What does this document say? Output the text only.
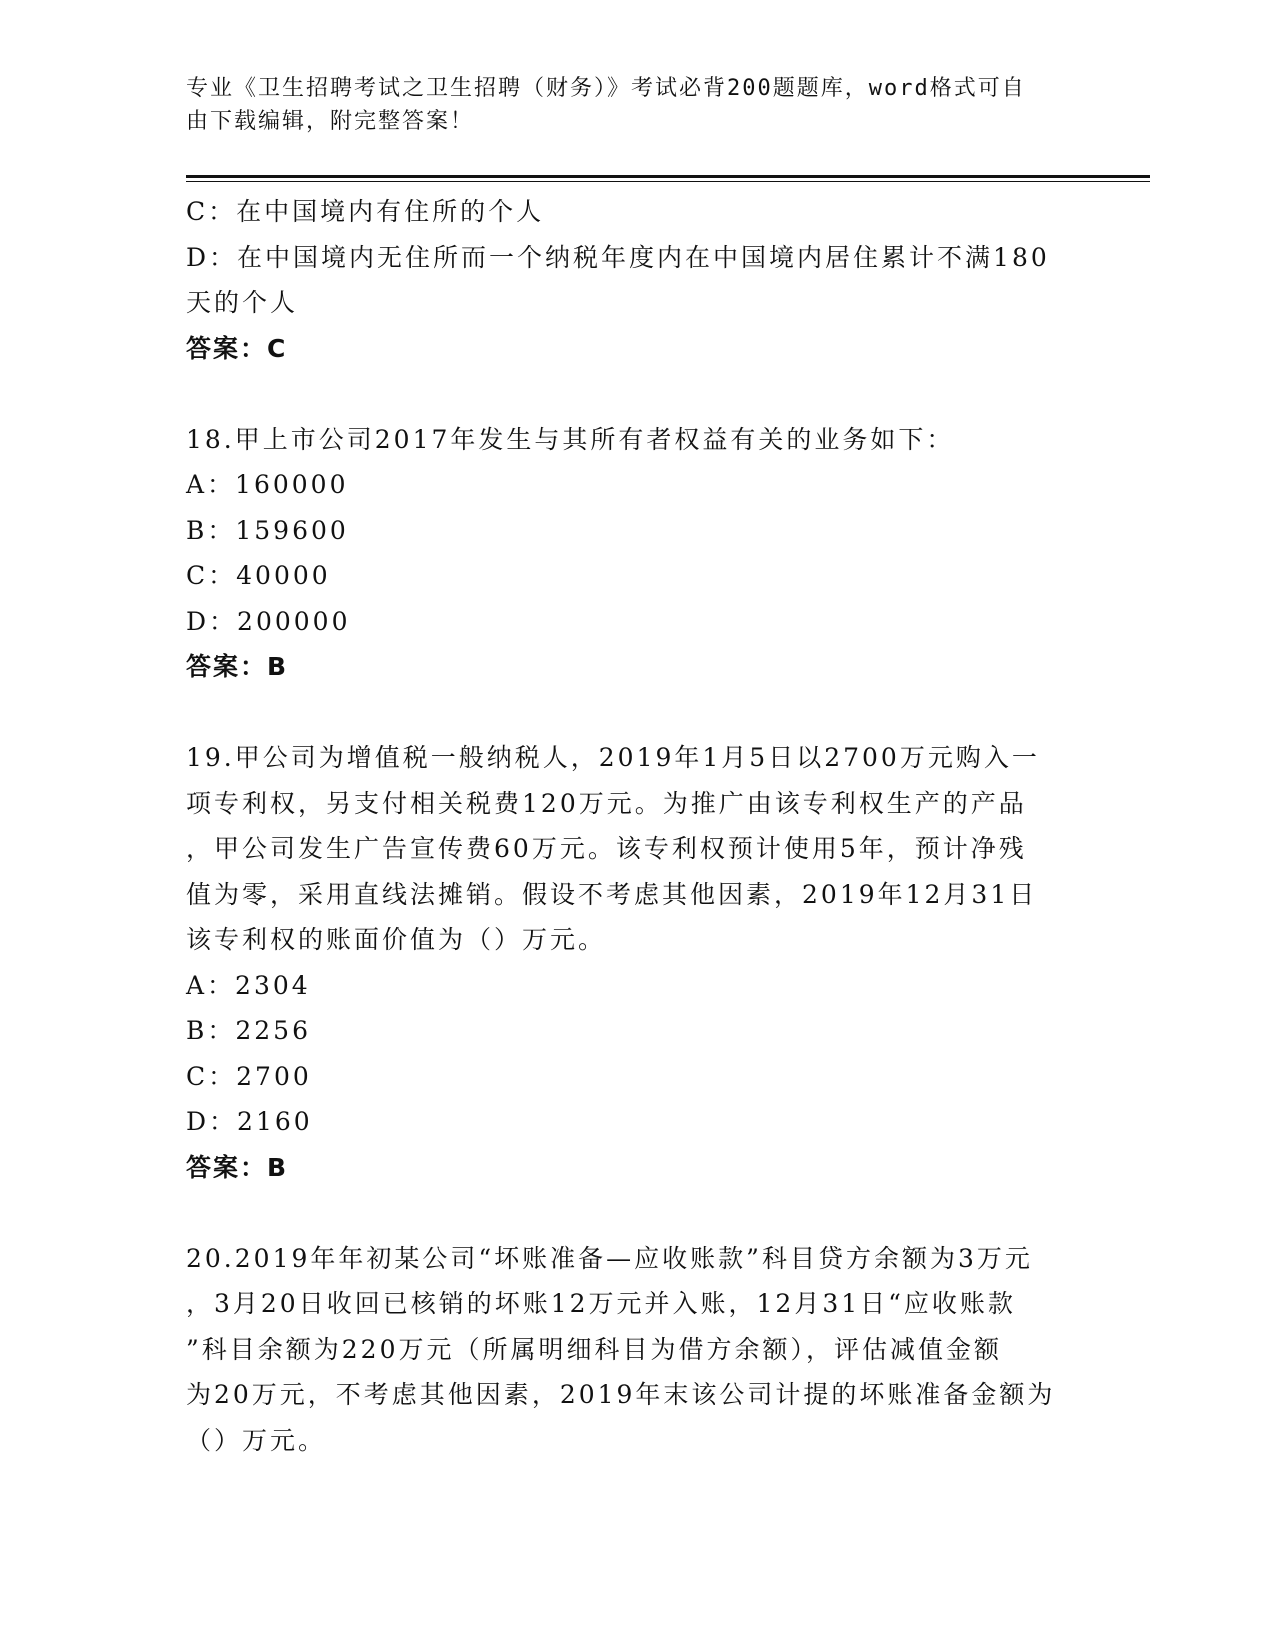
专业《卫生招聘考试之卫生招聘（财务）》考试必背200题题库，word格式可自
由下载编辑，附完整答案！
C：在中国境内有住所的个人
D：在中国境内无住所而一个纳税年度内在中国境内居住累计不满180
天的个人
答案：C
18.甲上市公司2017年发生与其所有者权益有关的业务如下：
A：160000
B：159600
C：40000
D：200000
答案：B
19.甲公司为增值税一般纳税人，2019年1月5日以2700万元购入一
项专利权，另支付相关税费120万元。为推广由该专利权生产的产品
，甲公司发生广告宣传费60万元。该专利权预计使用5年，预计净残
值为零，采用直线法摊销。假设不考虑其他因素，2019年12月31日
该专利权的账面价值为（）万元。
A：2304
B：2256
C：2700
D：2160
答案：B
20.2019年年初某公司“坏账准备—应收账款”科目贷方余额为3万元
，3月20日收回已核销的坏账12万元并入账，12月31日“应收账款
”科目余额为220万元（所属明细科目为借方余额），评估减值金额
为20万元，不考虑其他因素，2019年末该公司计提的坏账准备金额为
（）万元。
